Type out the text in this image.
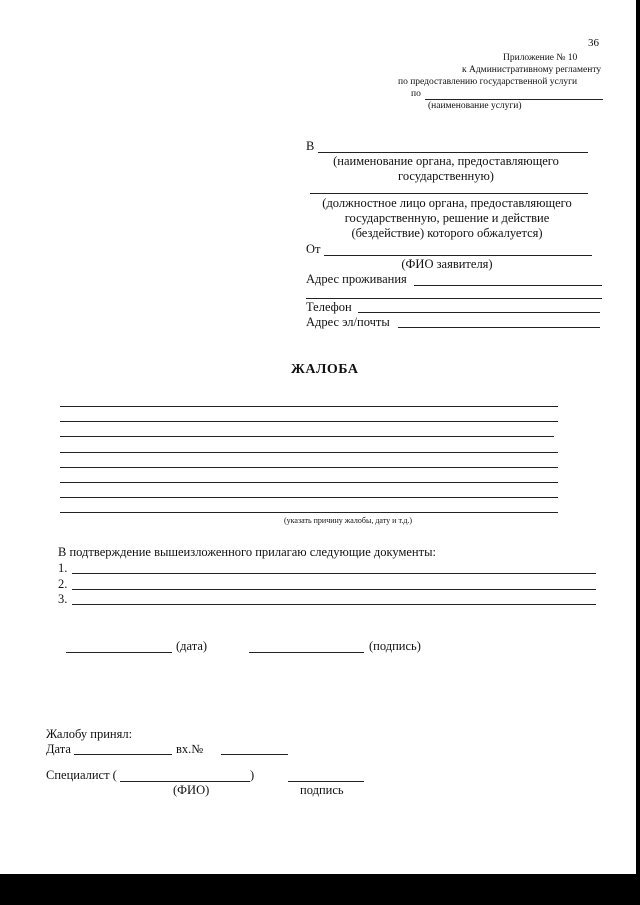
36
Приложение № 10
к Административному регламенту
по предоставлению государственной услуги
по
(наименование услуги)
В
(наименование органа, предоставляющего
государственную)
(должностное лицо органа, предоставляющего
государственную, решение и действие
(бездействие) которого обжалуется)
От
(ФИО заявителя)
Адрес проживания
Телефон
Адрес эл/почты
ЖАЛОБА
(указать причину жалобы, дату и т.д.)
В подтверждение вышеизложенного прилагаю следующие документы:
1.
2.
3.
(дата)	(подпись)
Жалобу принял:
Дата	вх.№
Специалист (	)
(ФИО)	подпись
